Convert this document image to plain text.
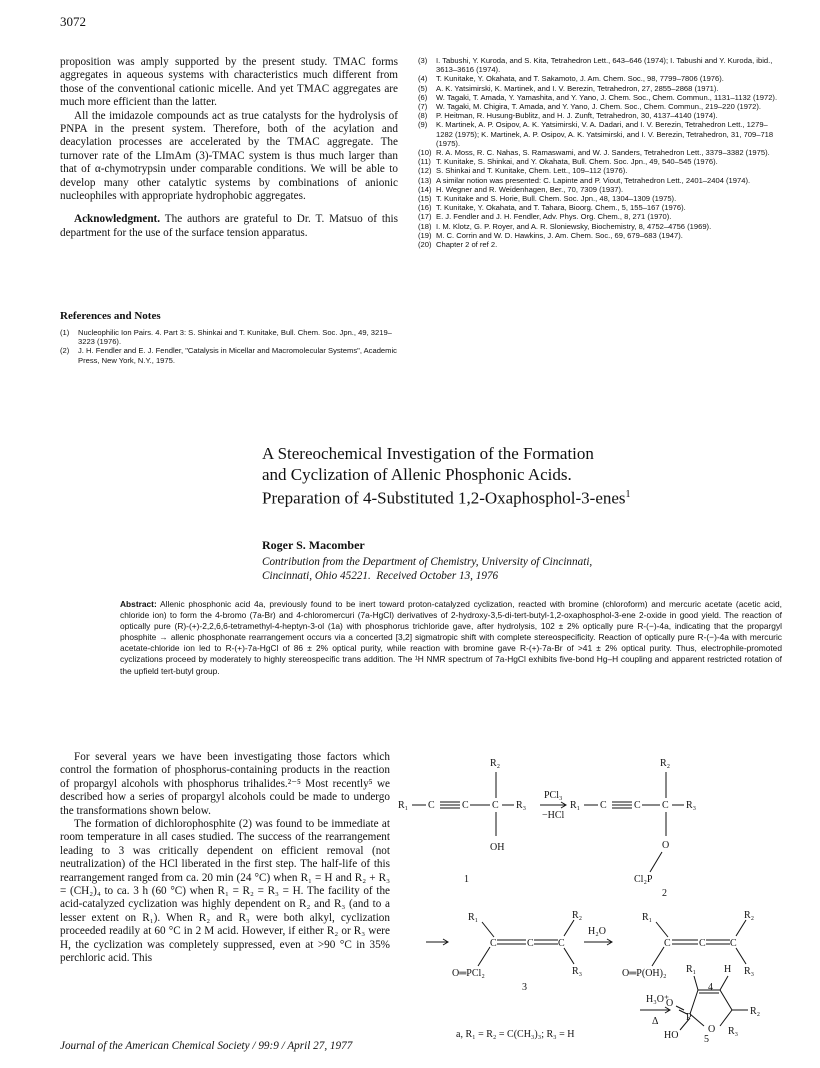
3072

proposition was amply supported by the present study. TMAC forms aggregates in aqueous systems with characteristics much different from those of the conventional cationic micelle. And yet TMAC aggregates are much more efficient than the latter.

All the imidazole compounds act as true catalysts for the hydrolysis of PNPA in the present system. Therefore, both of the acylation and deacylation processes are accelerated by the TMAC aggregate. The turnover rate of the LImAm (3)-TMAC system is thus much larger than that of α-chymotrypsin under comparable conditions. We will be able to develop many other catalytic systems by combinations of anionic nucleophiles with appropriate hydrophobic aggregates.

Acknowledgment. The authors are grateful to Dr. T. Matsuo of this department for the use of the surface tension apparatus.

References and Notes
(1) Nucleophilic Ion Pairs. 4. Part 3: S. Shinkai and T. Kunitake, Bull. Chem. Soc. Jpn., 49, 3219–3223 (1976).
(2) J. H. Fendler and E. J. Fendler, "Catalysis in Micellar and Macromolecular Systems", Academic Press, New York, N.Y., 1975.
(3) I. Tabushi, Y. Kuroda, and S. Kita, Tetrahedron Lett., 643–646 (1974); I. Tabushi and Y. Kuroda, ibid., 3613–3616 (1974).
(4) T. Kunitake, Y. Okahata, and T. Sakamoto, J. Am. Chem. Soc., 98, 7799–7806 (1976).
(5) A. K. Yatsimirski, K. Martinek, and I. V. Berezin, Tetrahedron, 27, 2855–2868 (1971).
(6) W. Tagaki, T. Amada, Y. Yamashita, and Y. Yano, J. Chem. Soc., Chem. Commun., 1131–1132 (1972).
(7) W. Tagaki, M. Chigira, T. Amada, and Y. Yano, J. Chem. Soc., Chem. Commun., 219–220 (1972).
(8) P. Heitman, R. Husung-Bublitz, and H. J. Zunft, Tetrahedron, 30, 4137–4140 (1974).
(9) K. Martinek, A. P. Osipov, A. K. Yatsimirski, V. A. Dadari, and I. V. Berezin, Tetrahedron Lett., 1279–1282 (1975); K. Martinek, A. P. Osipov, A. K. Yatsimirski, and I. V. Berezin, Tetrahedron, 31, 709–718 (1975).
(10) R. A. Moss, R. C. Nahas, S. Ramaswami, and W. J. Sanders, Tetrahedron Lett., 3379–3382 (1975).
(11) T. Kunitake, S. Shinkai, and Y. Okahata, Bull. Chem. Soc. Jpn., 49, 540–545 (1976).
(12) S. Shinkai and T. Kunitake, Chem. Lett., 109–112 (1976).
(13) A similar notion was presented: C. Lapinte and P. Viout, Tetrahedron Lett., 2401–2404 (1974).
(14) H. Wegner and R. Weidenhagen, Ber., 70, 7309 (1937).
(15) T. Kunitake and S. Horie, Bull. Chem. Soc. Jpn., 48, 1304–1309 (1975).
(16) T. Kunitake, Y. Okahata, and T. Tahara, Bioorg. Chem., 5, 155–167 (1976).
(17) E. J. Fendler and J. H. Fendler, Adv. Phys. Org. Chem., 8, 271 (1970).
(18) I. M. Klotz, G. P. Royer, and A. R. Sloniewsky, Biochemistry, 8, 4752–4756 (1969).
(19) M. C. Corrin and W. D. Hawkins, J. Am. Chem. Soc., 69, 679–683 (1947).
(20) Chapter 2 of ref 2.
A Stereochemical Investigation of the Formation
and Cyclization of Allenic Phosphonic Acids.
Preparation of 4-Substituted 1,2-Oxaphosphol-3-enes$^1$
Roger S. Macomber
Contribution from the Department of Chemistry, University of Cincinnati,
Cincinnati, Ohio 45221. Received October 13, 1976
Abstract: Allenic phosphonic acid 4a, previously found to be inert toward proton-catalyzed cyclization, reacted with bromine (chloroform) and mercuric acetate (acetic acid, chloride ion) to form the 4-bromo (7a-Br) and 4-chloromercuri (7a-HgCl) derivatives of 2-hydroxy-3,5-di-tert-butyl-1,2-oxaphosphol-3-ene 2-oxide in good yield. The reaction of optically pure (R)-(+)-2,2,6,6-tetramethyl-4-heptyn-3-ol (1a) with phosphorus trichloride gave, after hydrolysis, 102 ± 2% optically pure R-(−)-4a, indicating that the propargyl phosphite → allenic phosphonate rearrangement occurs via a concerted [3,2] sigmatropic shift with complete stereospecificity. Reaction of optically pure R-(−)-4a with mercuric acetate-chloride ion led to R-(+)-7a-HgCl of 86 ± 2% optical purity, while reaction with bromine gave R-(+)-7a-Br of >41 ± 2% optical purity. Thus, electrophile-promoted cyclizations proceed by moderately to highly stereospecific trans addition. The ¹H NMR spectrum of 7a-HgCl exhibits five-bond Hg–H coupling and apparent restricted rotation of the upfield tert-butyl group.

For several years we have been investigating those factors which control the formation of phosphorus-containing products in the reaction of propargyl alcohols with phosphorus trihalides.²⁻⁵ Most recently⁵ we described how a series of propargyl alcohols could be made to undergo the transformations shown below.

The formation of dichlorophosphite (2) was found to be immediate at room temperature in all cases studied. The success of the rearrangement leading to 3 was critically dependent on efficient removal (not neutralization) of the HCl liberated in the first step. The half-life of this rearrangement ranged from ca. 20 min (24 °C) when R₁ = H and R₂ + R₃ = (CH₂)₄ to ca. 3 h (60 °C) when R₁ = R₂ = R₃ = H. The facility of the acid-catalyzed cyclization was highly dependent on R₂ and R₃ (and to a lesser extent on R₁). When R₂ and R₃ were both alkyl, cyclization proceeded readily at 60 °C in 2 M acid. However, if either R₂ or R₃ were H, the cyclization was completely suppressed, even at >90 °C in 35% perchloric acid. This

R₁ C	C C
R₂
R₃
OH
1
PCl₃
−HCl
R₁ C	C C
R₂
R₃
O
Cl₂P
2
R₁
C	C C
R₂
R₃
O═PCl₂
3
H₂O
R₁
C	C C
R₂
R₃
O═P(OH)₂
4
H₃O⁺
Δ
R₁	H
R₂
O
P
O R₃
HO	5
a, R₁ = R₂ = C(CH₃)₃; R₃ = H
Journal of the American Chemical Society / 99:9 / April 27, 1977
